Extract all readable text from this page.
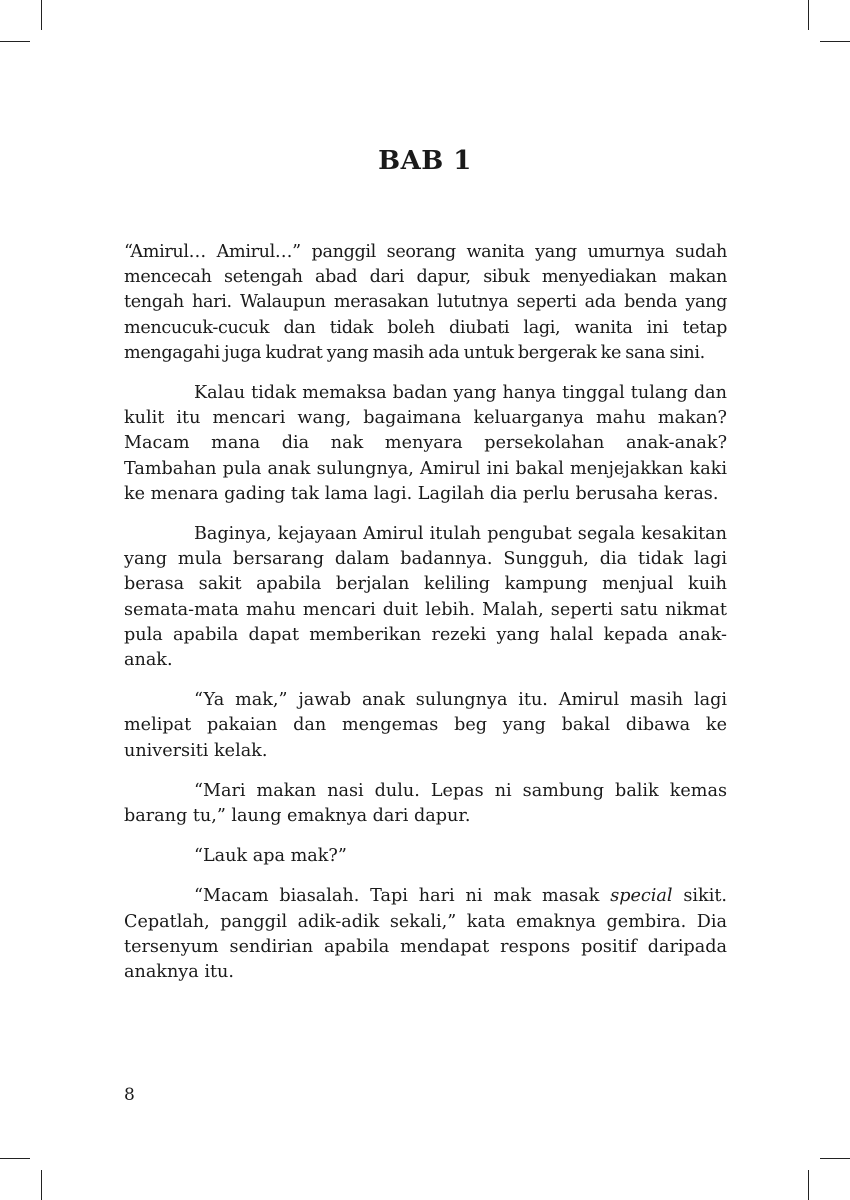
BAB 1

“Amirul… Amirul…” panggil seorang wanita yang umurnya sudah mencecah setengah abad dari dapur, sibuk menyediakan makan tengah hari. Walaupun merasakan lututnya seperti ada benda yang mencucuk-cucuk dan tidak boleh diubati lagi, wanita ini tetap mengagahi juga kudrat yang masih ada untuk bergerak ke sana sini.

Kalau tidak memaksa badan yang hanya tinggal tulang dan kulit itu mencari wang, bagaimana keluarganya mahu makan? Macam mana dia nak menyara persekolahan anak-anak? Tambahan pula anak sulungnya, Amirul ini bakal menjejakkan kaki ke menara gading tak lama lagi. Lagilah dia perlu berusaha keras.

Baginya, kejayaan Amirul itulah pengubat segala kesakitan yang mula bersarang dalam badannya. Sungguh, dia tidak lagi berasa sakit apabila berjalan keliling kampung menjual kuih semata-mata mahu mencari duit lebih. Malah, seperti satu nikmat pula apabila dapat memberikan rezeki yang halal kepada anak-anak.

“Ya mak,” jawab anak sulungnya itu. Amirul masih lagi melipat pakaian dan mengemas beg yang bakal dibawa ke universiti kelak.

“Mari makan nasi dulu. Lepas ni sambung balik kemas barang tu,” laung emaknya dari dapur.

“Lauk apa mak?”

“Macam biasalah. Tapi hari ni mak masak special sikit. Cepatlah, panggil adik-adik sekali,” kata emaknya gembira. Dia tersenyum sendirian apabila mendapat respons positif daripada anaknya itu.

8
